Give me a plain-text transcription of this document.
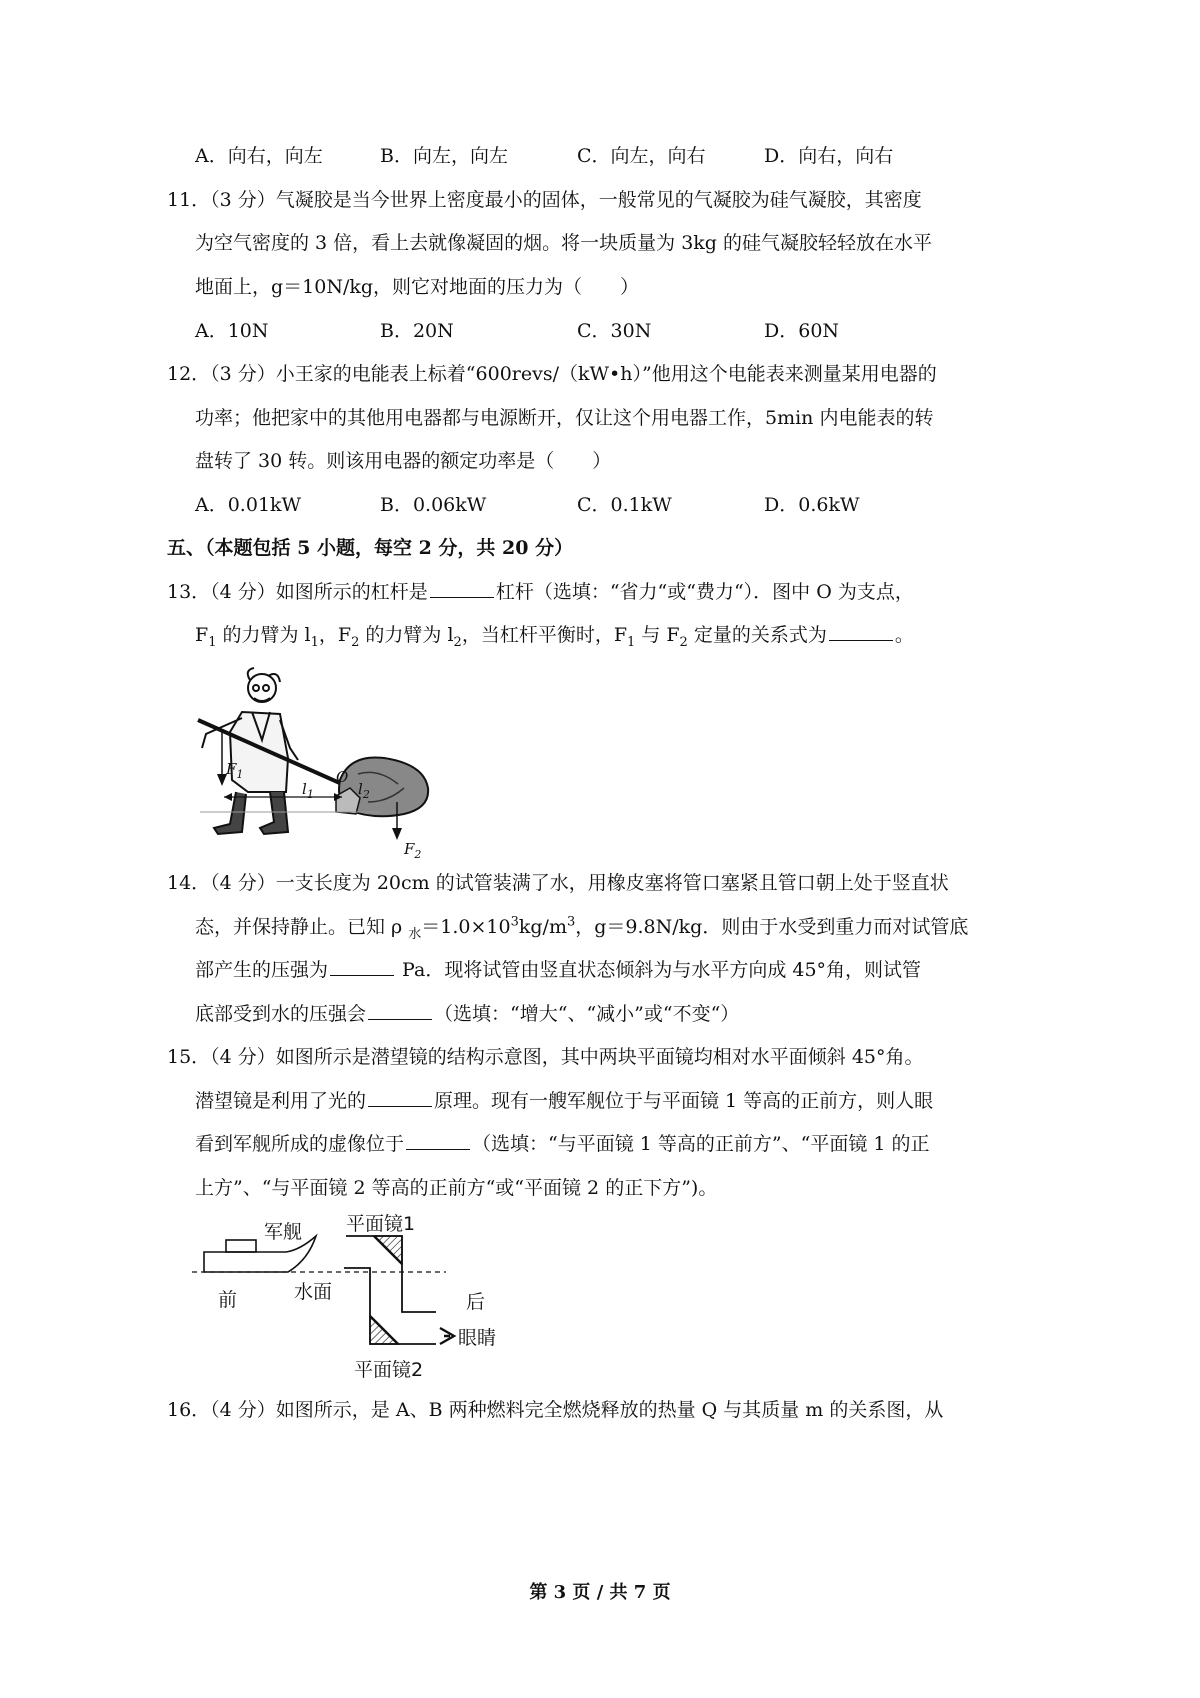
A．向右，向左	B．向左，向左	C．向左，向右	D．向右，向右
11．（3 分）气凝胶是当今世界上密度最小的固体，一般常见的气凝胶为硅气凝胶，其密度
为空气密度的 3 倍，看上去就像凝固的烟。将一块质量为 3kg 的硅气凝胶轻轻放在水平
地面上，g＝10N/kg，则它对地面的压力为（　　）
A．10N	B．20N	C．30N	D．60N
12．（3 分）小王家的电能表上标着“600revs/（kW•h）”他用这个电能表来测量某用电器的
功率；他把家中的其他用电器都与电源断开，仅让这个用电器工作，5min 内电能表的转
盘转了 30 转。则该用电器的额定功率是（　　）
A．0.01kW	B．0.06kW	C．0.1kW	D．0.6kW
五、（本题包括 5 小题，每空 2 分，共 20 分）
13．（4 分）如图所示的杠杆是	杠杆（选填：“省力“或“费力“）．图中 O 为支点，
$F_1$ 的力臂为 $l_1$，$F_2$ 的力臂为 $l_2$，当杠杆平衡时，$F_1$ 与 $F_2$ 定量的关系式为	。
$F_1$
$l_1$
O
$l_2$
$F_2$
14．（4 分）一支长度为 20cm 的试管装满了水，用橡皮塞将管口塞紧且管口朝上处于竖直状
态，并保持静止。已知 ρ $_水=1.0\times 10^3kg/m^3$，g＝9.8N/kg．则由于水受到重力而对试管底
部产生的压强为	Pa．现将试管由竖直状态倾斜为与水平方向成 45°角，则试管
底部受到水的压强会	（选填：“增大“、“减小”或“不变“）
15．（4 分）如图所示是潜望镜的结构示意图，其中两块平面镜均相对水平面倾斜 45°角。
潜望镜是利用了光的	原理。现有一艘军舰位于与平面镜 1 等高的正前方，则人眼
看到军舰所成的虚像位于	（选填：“与平面镜 1 等高的正前方”、“平面镜 1 的正
上方”、“与平面镜 2 等高的正前方“或“平面镜 2 的正下方”)。
军舰
前	水面
平面镜1
平面镜2
后
眼睛
16．（4 分）如图所示，是 A、B 两种燃料完全燃烧释放的热量 Q 与其质量 m 的关系图，从
第 3 页 / 共 7 页
